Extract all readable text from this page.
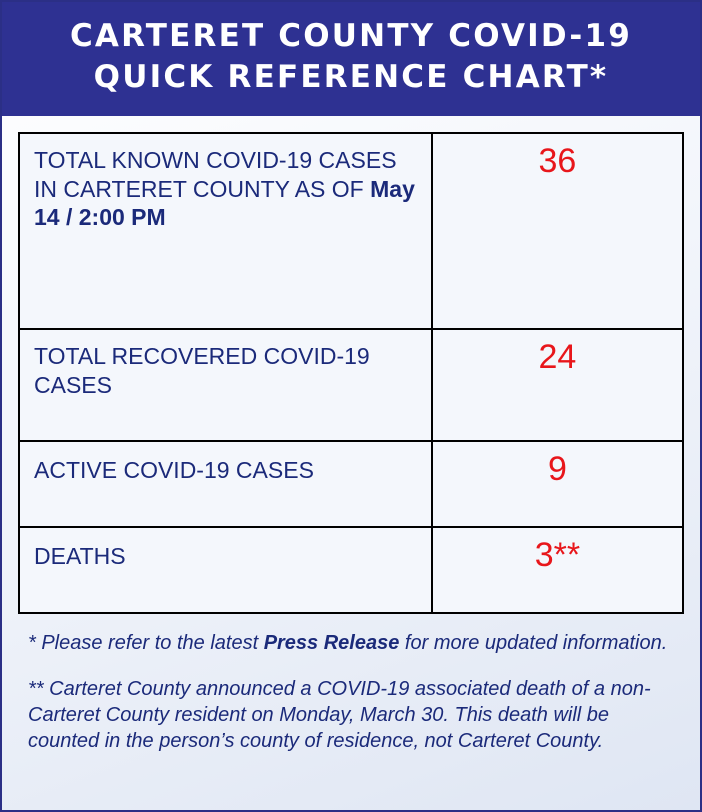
CARTERET COUNTY COVID-19
QUICK REFERENCE CHART*
TOTAL KNOWN COVID-19 CASES IN CARTERET COUNTY AS OF May 14 / 2:00 PM	36
TOTAL RECOVERED COVID-19 CASES	24
ACTIVE COVID-19 CASES	9
DEATHS	3**
* Please refer to the latest Press Release for more updated information.
** Carteret County announced a COVID-19 associated death of a non-Carteret County resident on Monday, March 30. This death will be counted in the person’s county of residence, not Carteret County.
